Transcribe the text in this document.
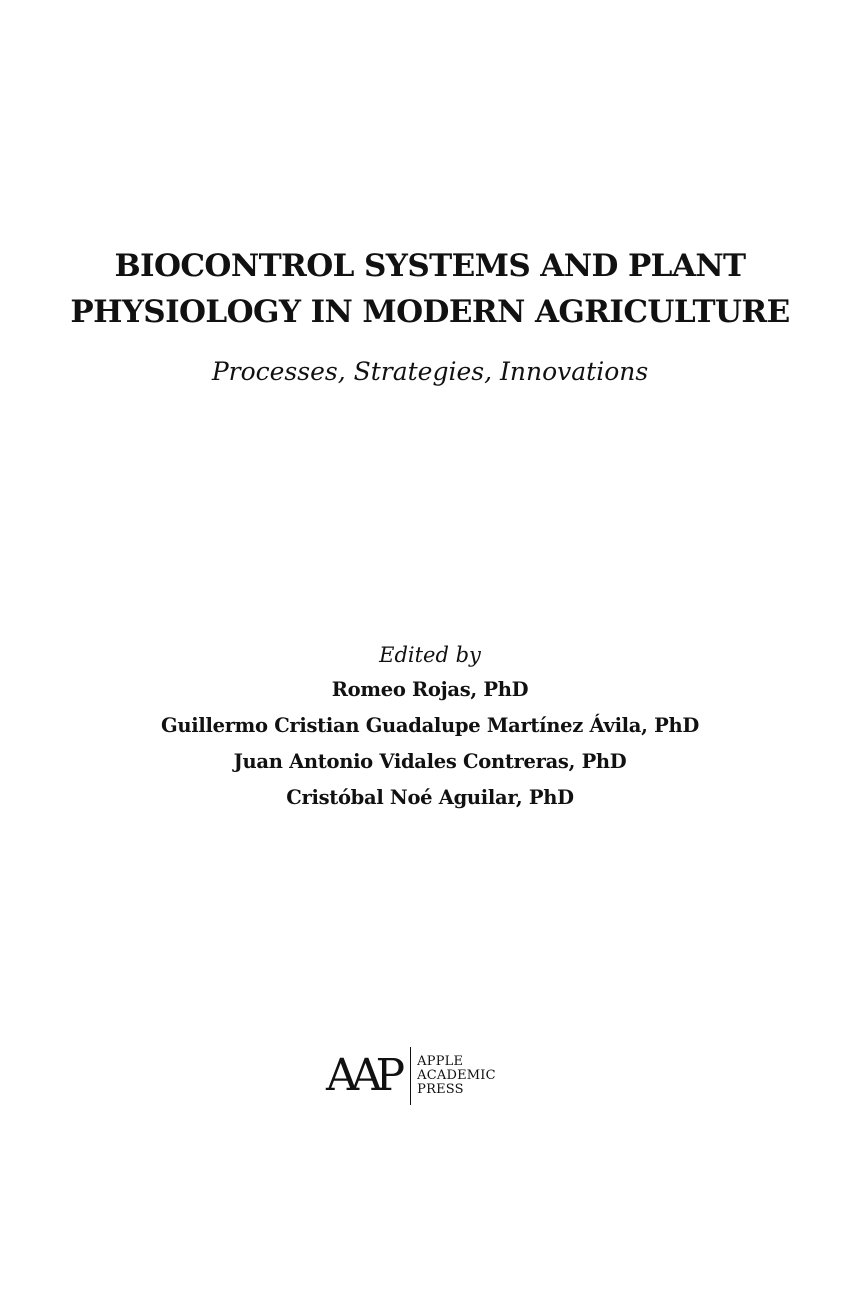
BIOCONTROL SYSTEMS AND PLANT
PHYSIOLOGY IN MODERN AGRICULTURE

Processes, Strategies, Innovations

Edited by
Romeo Rojas, PhD
Guillermo Cristian Guadalupe Martínez Ávila, PhD
Juan Antonio Vidales Contreras, PhD
Cristóbal Noé Aguilar, PhD
AAP APPLE
ACADEMIC
PRESS
